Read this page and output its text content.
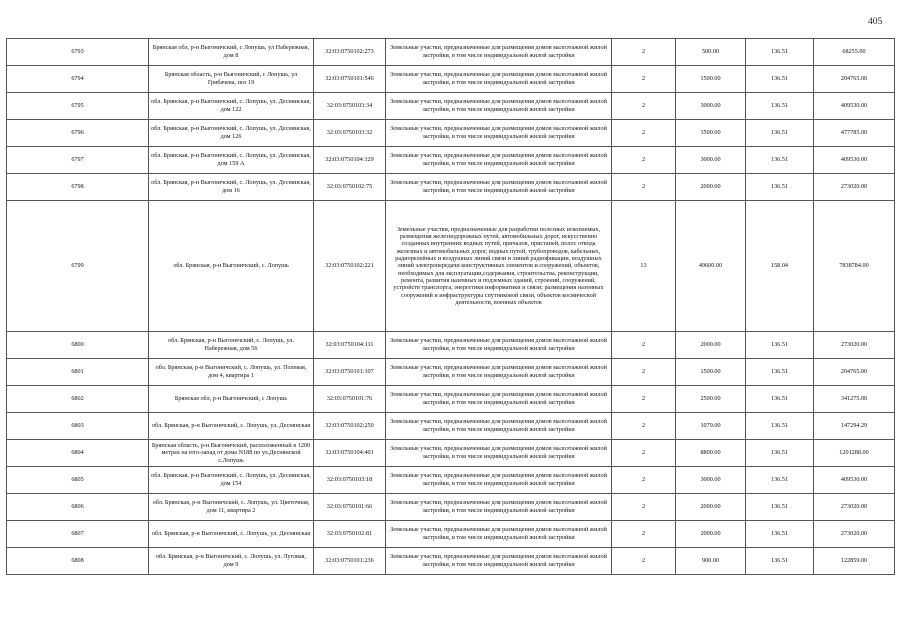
405
6793	Брянская обл, р-н Выгоничский, с Лопушь, ул Набережная, дом 8	32:03:0750102:273	Земельные участки, предназначенные для размещения домов малоэтажной жилой застройки, в том числе индивидуальной жилой застройки	2	500.00	136.51	68255.00
6794	Брянская область, р-н Выгоничский, с Лопушь, ул Грибачева, поз 19	32:03:0750101:546	Земельные участки, предназначенные для размещения домов малоэтажной жилой застройки, в том числе индивидуальной жилой застройки	2	1500.00	136.51	204765.00
6795	обл. Брянская, р-н Выгоничский, с. Лопушь, ул. Десняиская, дом 122	32:03:0750103:34	Земельные участки, предназначенные для размещения домов малоэтажной жилой застройки, в том числе индивидуальной жилой застройки	2	3000.00	136.51	409530.00
6796	обл. Брянская, р-н Выгоничский, с. Лопушь, ул. Деснянская, дом 126	32:03:0750103:32	Земельные участки, предназначенные для размещения домов малоэтажной жилой застройки, в том числе индивидуальной жилой застройки	2	3500.00	136.51	477785.00
6797	обл. Брянская, р-н Выгоничский, с. Лопушь, ул. Деснянская, дом 159 А	32:03:0750104:129	Земельные участки, предназначенные для размещения домов малоэтажной жилой застройки, в том числе индивидуальной жилой застройки	2	3000.00	136.51	409530.00
6798	обл. Брянская, р-н Выгоничский, с. Лопушь, ул. Деснянская, дом 16	32:03:0750102:75	Земельные участки, предназначенные для размещения домов малоэтажной жилой застройки, в том числе индивидуальной жилой застройки	2	2000.00	136.51	273020.00
6799	обл. Брянская, р-н Выгоничский, с. Лопушь	32:03:0750102:221	Земельные участки, предназначенные для разработки полезных ископаемых, размещения железнодорожных путей, автомобильных дорог, искусственно созданных внутренних водных путей, причалов, пристаней, полос отвода железных и автомобильных дорог, водных путей, трубопроводов, кабельных, радиорелейных и воздушных линий связи и линий радиофикации, воздушных линий электропередачи конструктивных элементов и сооружений, объектов, необходимых для эксплуатации,содержания, строительства, реконструкции, ремонта, развития наземных и подземных зданий, строений, сооружений, устройств транспорта, энергетики информатики и связи; размещения наземных сооружений и инфраструктуры спутниковой связи, объектов космической деятельности, военных объектов	13	49600.00	158.04	7838784.00
6800	обл. Брянская, р-н Выгоничский, с. Лопушь, ул. Набережная, дом 56	32:03:0750104:111	Земельные участки, предназначенные для размещения домов малоэтажной жилой застройки, в том числе индивидуальной жилой застройки	2	2000.00	136.51	273020.00
6801	обл. Брянская, р-н Выгоничский, с. Лопушь, ул. Полевая, дом 4, квартира 1	32:03:0750101:107	Земельные участки, предназначенные для размещения домов малоэтажной жилой застройки, в том числе индивидуальной жилой застройки	2	1500.00	136.51	204765.00
6802	Брянская обл, р-н Выгоничский, с Лопушь	32:03:0750101:76	Земельные участки, предназначенные для размещения домов малоэтажной жилой застройки, в том числе индивидуальной жилой застройки	2	2500.00	136.51	341275.00
6803	обл. Брянская, р-н Выгоничский, с. Лопушь, ул. Деснянская	32:03:0750102:250	Земельные участки, предназначенные для размещения домов малоэтажной жилой застройки, в том числе индивидуальной жилой застройки	2	1079.00	136.51	147294.29
6804	Брянская область, р-н Выгоничский, расположенный в 1200 метрах на юго-запад от дома N188 по ул.Деснянской с.Лопушь	32:03:0750104:401	Земельные участки, предназначенные для размещения домов малоэтажной жилой застройки, в том числе индивидуальной жилой застройки	2	8800.00	136.51	1201288.00
6805	обл. Брянская, р-н Выгоничский, с. Лопушь, ул. Деснянская, дом 154	32:03:0750103:18	Земельные участки, предназначенные для размещения домов малоэтажной жилой застройки, в том числе индивидуальной жилой застройки	2	3000.00	136.51	409530.00
6806	обл. Брянская, р-н Выгоничский, с. Лопушь, ул. Цветочная, дом 11, квартира 2	32:03:0750101:66	Земельные участки, предназначенные для размещения домов малоэтажной жилой застройки, в том числе индивидуальной жилой застройки	2	2000.00	136.51	273020.00
6807	обл. Брянская, р-н Выгоничский, с. Лопушь, ул. Деснянская	32:03:0750102:81	Земельные участки, предназначенные для размещения домов малоэтажной жилой застройки, в том числе индивидуальной жилой застройки	2	2000.00	136.51	273020.00
6808	обл. Брянская, р-н Выгоничский, с. Лопушь, ул. Луговая, дом 9	32:03:0750101:236	Земельные участки, предназначенные для размещения домов малоэтажной жилой застройки, в том числе индивидуальной жилой застройки	2	900.00	136.51	122859.00
